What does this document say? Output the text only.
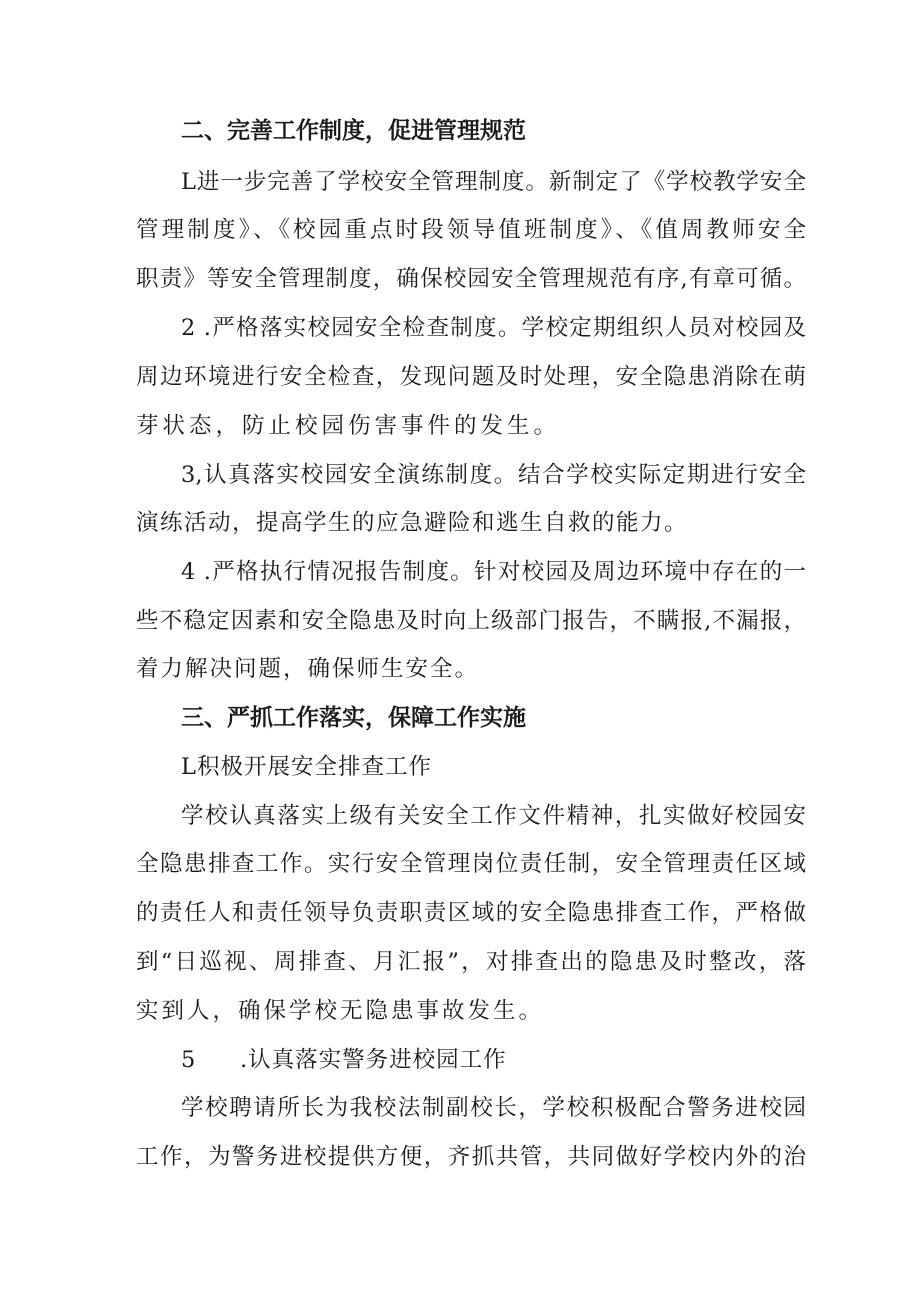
二、完善工作制度，促进管理规范
L进一步完善了学校安全管理制度。新制定了《学校教学安全
管理制度》、《校园重点时段领导值班制度》、《值周教师安全
职责》等安全管理制度，确保校园安全管理规范有序,有章可循。
2 .严格落实校园安全检查制度。学校定期组织人员对校园及
周边环境进行安全检查，发现问题及时处理，安全隐患消除在萌
芽状态，防止校园伤害事件的发生。
3,认真落实校园安全演练制度。结合学校实际定期进行安全
演练活动，提高学生的应急避险和逃生自救的能力。
4 .严格执行情况报告制度。针对校园及周边环境中存在的一
些不稳定因素和安全隐患及时向上级部门报告，不瞒报,不漏报，
着力解决问题，确保师生安全。
三、严抓工作落实，保障工作实施
L积极开展安全排查工作
学校认真落实上级有关安全工作文件精神，扎实做好校园安
全隐患排查工作。实行安全管理岗位责任制，安全管理责任区域
的责任人和责任领导负责职责区域的安全隐患排查工作，严格做
到“日巡视、周排查、月汇报”，对排查出的隐患及时整改，落
实到人，确保学校无隐患事故发生。
5 .认真落实警务进校园工作
学校聘请所长为我校法制副校长，学校积极配合警务进校园
工作，为警务进校提供方便，齐抓共管，共同做好学校内外的治
